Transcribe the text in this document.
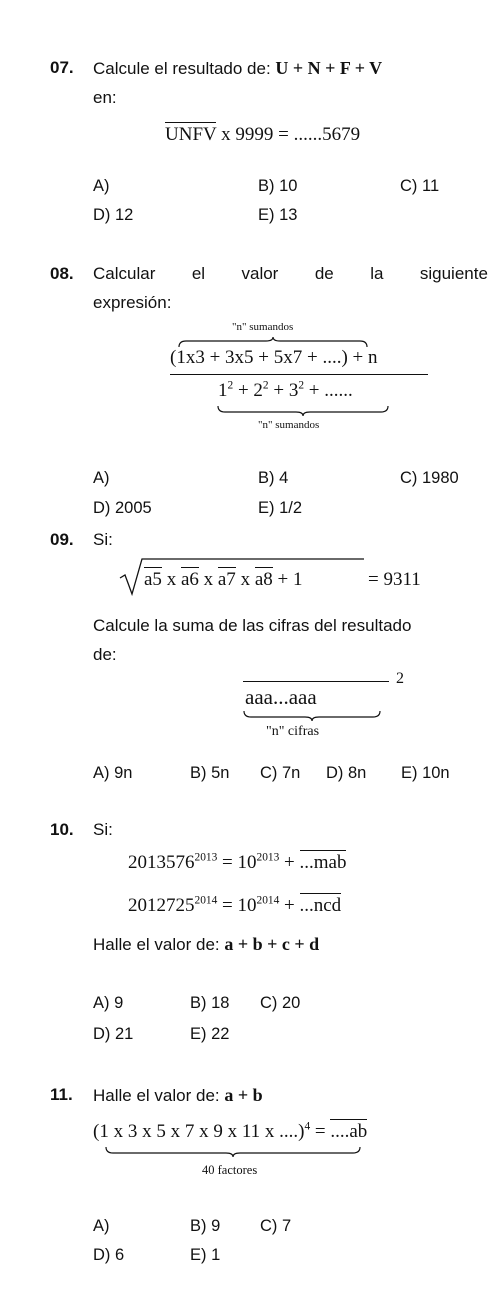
07. Calcule el resultado de: U + N + F + V
en:
UNFV x 9999 = ......5679
A)	B) 10	C) 11
D) 12	E) 13
08. Calcular el valor de la siguiente
expresión:
"n" sumandos
(1x3 + 3x5 + 5x7 + ....) + n
$1^2 + 2^2 + 3^2$ + ......
"n" sumandos
A)	B) 4	C) 1980
D) 2005	E) 1/2
09. Si:
a5 x a6 x a7 x a8 + 1	= 9311
Calcule la suma de las cifras del resultado
de:
2
aaa...aaa
"n" cifras
A) 9n	B) 5n C) 7n D) 8n E) 10n
10. Si:
$2013576^{2013} = 10^{2013} + ...mab$
$2012725^{2014} = 10^{2014} + ...ncd$
Halle el valor de: a + b + c + d
A) 9	B) 18 C) 20
D) 21	E) 22
11. Halle el valor de: a + b
(1 x 3 x 5 x 7 x 9 x 11 x ....)$^4$ = ....ab
40 factores
A)	B) 9 C) 7
D) 6	E) 1
